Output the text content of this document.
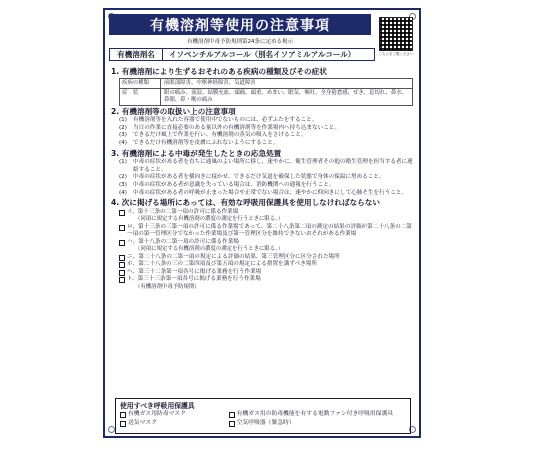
有機溶剤等使用の注意事項
有機溶剤中毒予防規則第24条に定める掲示
こちらをご覧ください
有機溶剤名	イソペンチルアルコール（別名イソアミルアルコール）
1. 有機溶剤により生ずるおそれのある疾病の種類及びその症状
疾病の種類	前眼部障害、中枢神経障害、気道障害
症　状	眼の痛み、流涙、結膜充血、頭痛、頭重、めまい、眠気、嘔吐、全身倦怠感、せき、息切れ、鼻水、鼻閉、鼻・喉の痛み
2. 有機溶剤等の取扱い上の注意事項
(1)	有機溶剤等を入れた容器で使用中でないものには、必ずふたをすること。
(2)	当日の作業に直接必要のある量以外の有機溶剤等を作業場内へ持ち込まないこと。
(3)	できるだけ風上で作業を行い、有機溶剤の蒸気の吸入をさけること。
(4)	できるだけ有機溶剤等を皮膚にふれないようにすること。
3. 有機溶剤による中毒が発生したときの応急処置
(1)	中毒の症状がある者を直ちに通風のよい場所に移し、速やかに、衛生管理者その他の衛生管理を担当する者に連絡すること。
(2)	中毒の症状がある者を横向きに寝かせ、できるだけ気道を確保した状態で身体の保温に努めること。
(3)	中毒の症状がある者が意識を失っている場合は、消防機関への通報を行うこと。
(4)	中毒の症状がある者の呼吸が止まった場合や正常でない場合は、速やかに仰向きにして心肺そ生を行うこと。
4. 次に掲げる場所にあっては、有効な呼吸用保護具を使用しなければならない
イ、第十三条の二第一項の許可に係る作業場
（同項に規定する有機溶剤の濃度の測定を行うときに限る。）
ロ、第十三条の三第一項の許可に係る作業場であって、第二十八条第二項の測定の結果の評価が第二十八条の二第一項の第一管理区分でなかった作業場及び第一管理区分を維持できないおそれがある作業場
ハ、第十八条の二第一項の許可に係る作業場
（同項に規定する有機溶剤の濃度の測定を行うときに限る。）
ニ、第二十八条の二第一項の規定による評価の結果、第三管理区分に区分された場所
ホ、第二十八条の三の二第四項及び第五項の規定による措置を講ずべき場所
ヘ、第三十二条第一項各号に掲げる業務を行う作業場
ト、第三十三条第一項各号に掲げる業務を行う作業場
（有機溶剤中毒予防規則）
使用すべき呼吸用保護具
有機ガス用防毒マスク	有機ガス用の防毒機能を有する電動ファン付き呼吸用保護具
送気マスク	空気呼吸器（緊急時）
